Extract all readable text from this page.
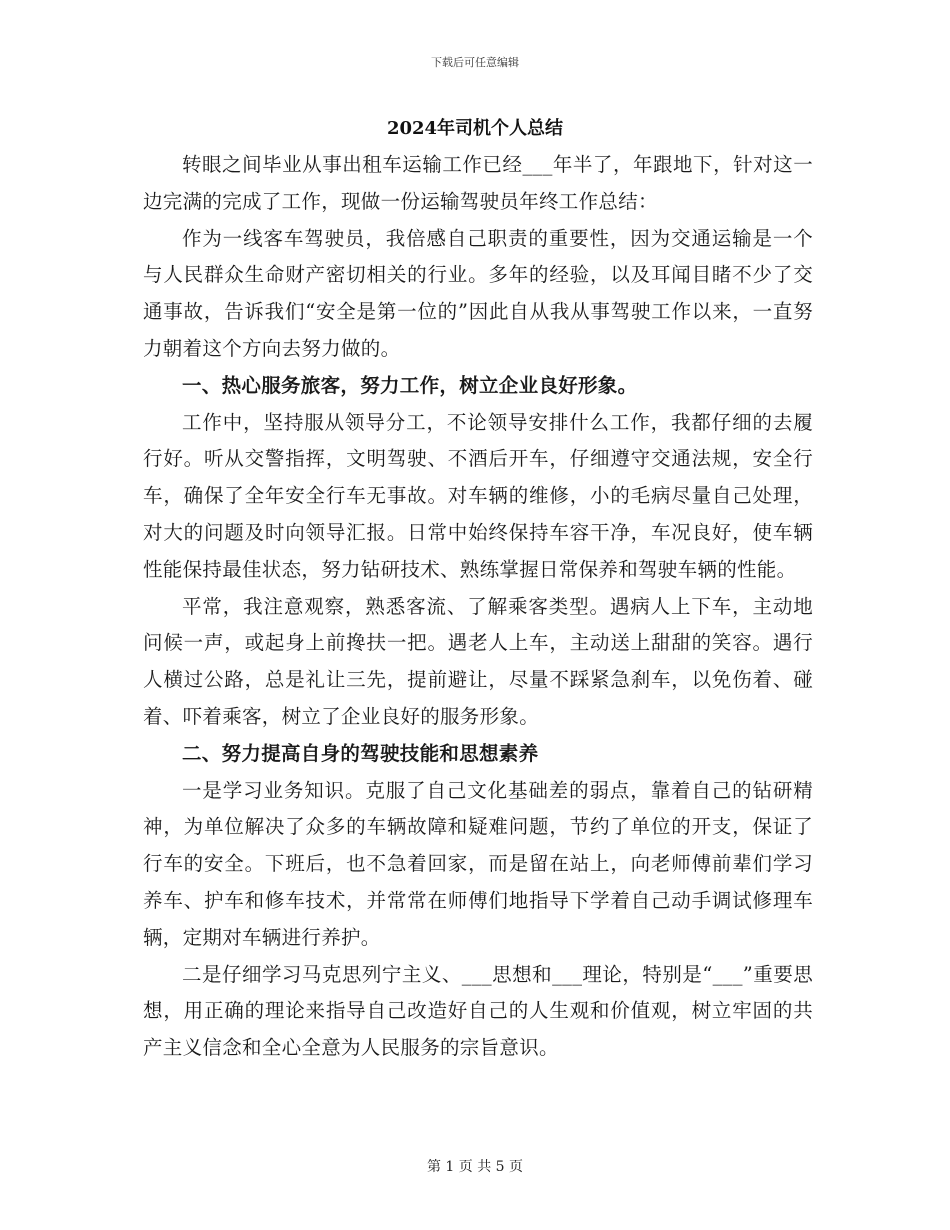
下载后可任意编辑
2024年司机个人总结

转眼之间毕业从事出租车运输工作已经___年半了，年跟地下，针对这一边完满的完成了工作，现做一份运输驾驶员年终工作总结：

作为一线客车驾驶员，我倍感自己职责的重要性，因为交通运输是一个与人民群众生命财产密切相关的行业。多年的经验，以及耳闻目睹不少了交通事故，告诉我们“安全是第一位的”因此自从我从事驾驶工作以来，一直努力朝着这个方向去努力做的。

一、热心服务旅客，努力工作，树立企业良好形象。

工作中，坚持服从领导分工，不论领导安排什么工作，我都仔细的去履行好。听从交警指挥，文明驾驶、不酒后开车，仔细遵守交通法规，安全行车，确保了全年安全行车无事故。对车辆的维修，小的毛病尽量自己处理，对大的问题及时向领导汇报。日常中始终保持车容干净，车况良好，使车辆性能保持最佳状态，努力钻研技术、熟练掌握日常保养和驾驶车辆的性能。

平常，我注意观察，熟悉客流、了解乘客类型。遇病人上下车，主动地问候一声，或起身上前搀扶一把。遇老人上车，主动送上甜甜的笑容。遇行人横过公路，总是礼让三先，提前避让，尽量不踩紧急刹车，以免伤着、碰着、吓着乘客，树立了企业良好的服务形象。

二、努力提高自身的驾驶技能和思想素养

一是学习业务知识。克服了自己文化基础差的弱点，靠着自己的钻研精神，为单位解决了众多的车辆故障和疑难问题，节约了单位的开支，保证了行车的安全。下班后，也不急着回家，而是留在站上，向老师傅前辈们学习养车、护车和修车技术，并常常在师傅们地指导下学着自己动手调试修理车辆，定期对车辆进行养护。

二是仔细学习马克思列宁主义、___思想和___理论，特别是“___”重要思想，用正确的理论来指导自己改造好自己的人生观和价值观，树立牢固的共产主义信念和全心全意为人民服务的宗旨意识。

第 1 页 共 5 页
